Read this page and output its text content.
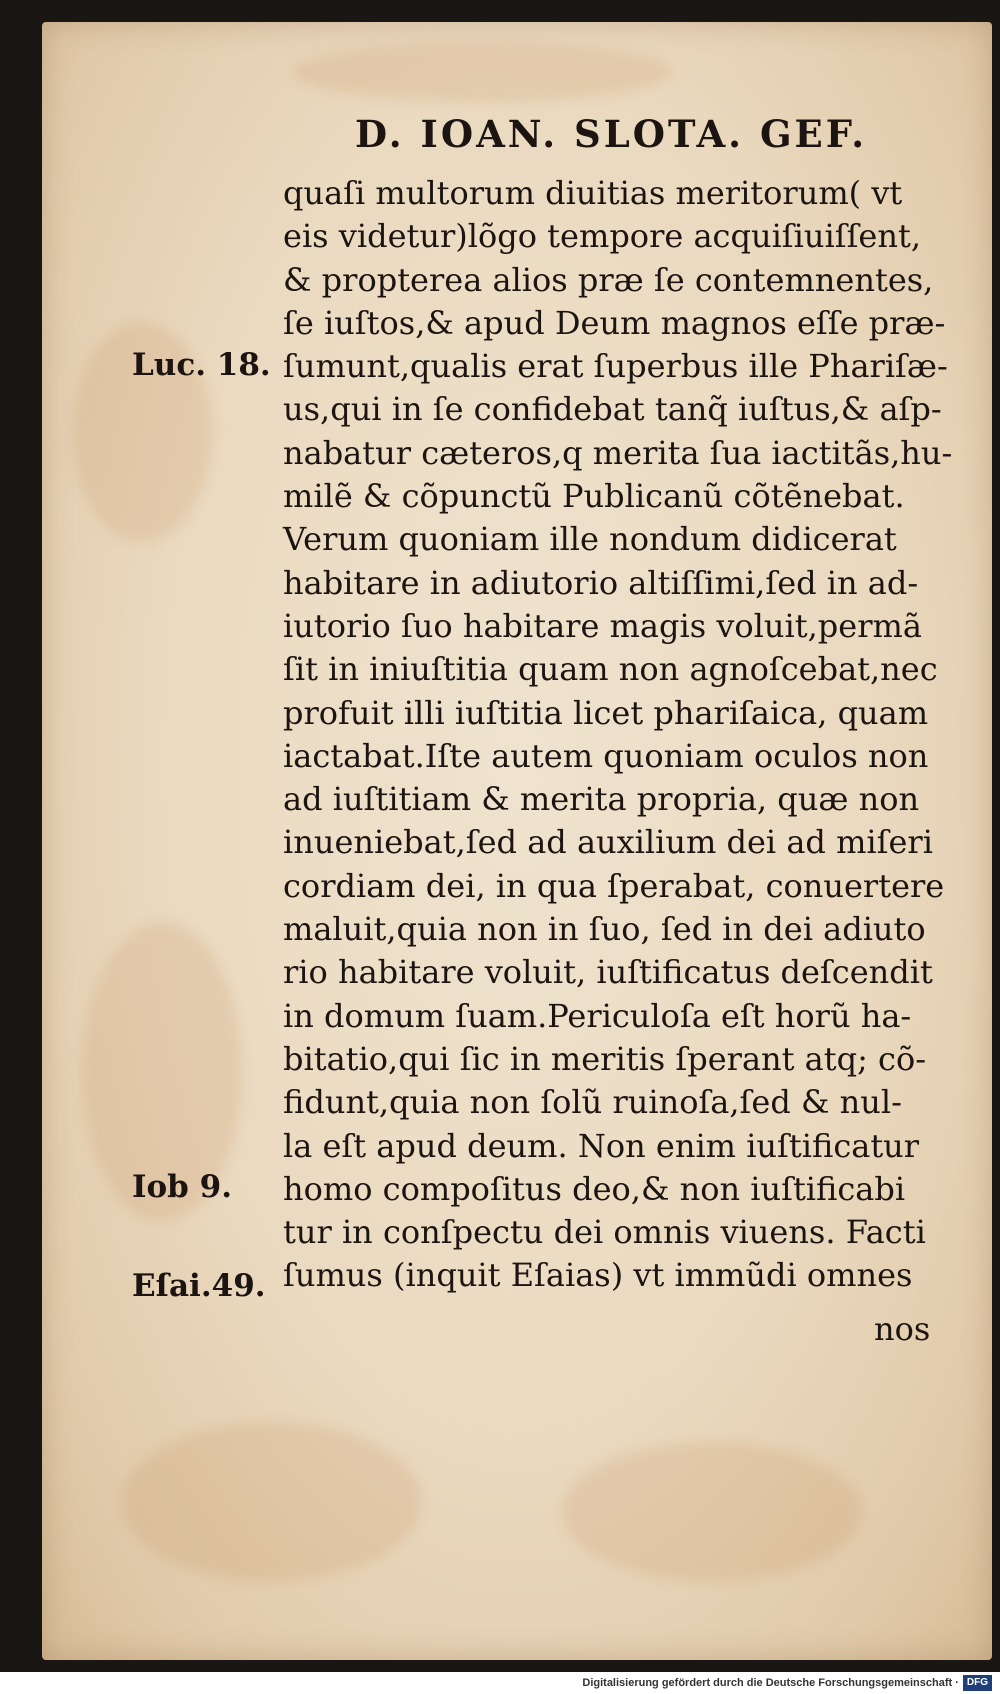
D. IOAN. SLOTA. GEF.
Luc. 18.
Iob 9.
Eſai.49.
quaſi multorum diuitias meritorum( vt
eis videtur)lõgo tempore acquiſiuiſſent,
& propterea alios præ ſe contemnentes,
ſe iuſtos,& apud Deum magnos eſſe præ-
ſumunt,qualis erat ſuperbus ille Phariſæ-
us,qui in ſe confidebat tanq̃ iuſtus,& aſp-
nabatur cæteros,q merita ſua iactitãs,hu-
milẽ & cõpunctũ Publicanũ cõtẽnebat.
Verum quoniam ille nondum didicerat
habitare in adiutorio altiſſimi,ſed in ad-
iutorio ſuo habitare magis voluit,permã
ſit in iniuſtitia quam non agnoſcebat,nec
profuit illi iuſtitia licet phariſaica, quam
iactabat.Iſte autem quoniam oculos non
ad iuſtitiam & merita propria, quæ non
inueniebat,ſed ad auxilium dei ad miſeri
cordiam dei, in qua ſperabat, conuertere
maluit,quia non in ſuo, ſed in dei adiuto
rio habitare voluit, iuſtificatus deſcendit
in domum ſuam.Periculoſa eſt horũ ha-
bitatio,qui ſic in meritis ſperant atq; cõ-
fidunt,quia non ſolũ ruinoſa,ſed & nul-
la eſt apud deum. Non enim iuſtificatur
homo compoſitus deo,& non iuſtificabi
tur in conſpectu dei omnis viuens. Facti
ſumus (inquit Eſaias) vt immũdi omnes
nos
Digitalisierung gefördert durch die Deutsche Forschungsgemeinschaft · DFG
